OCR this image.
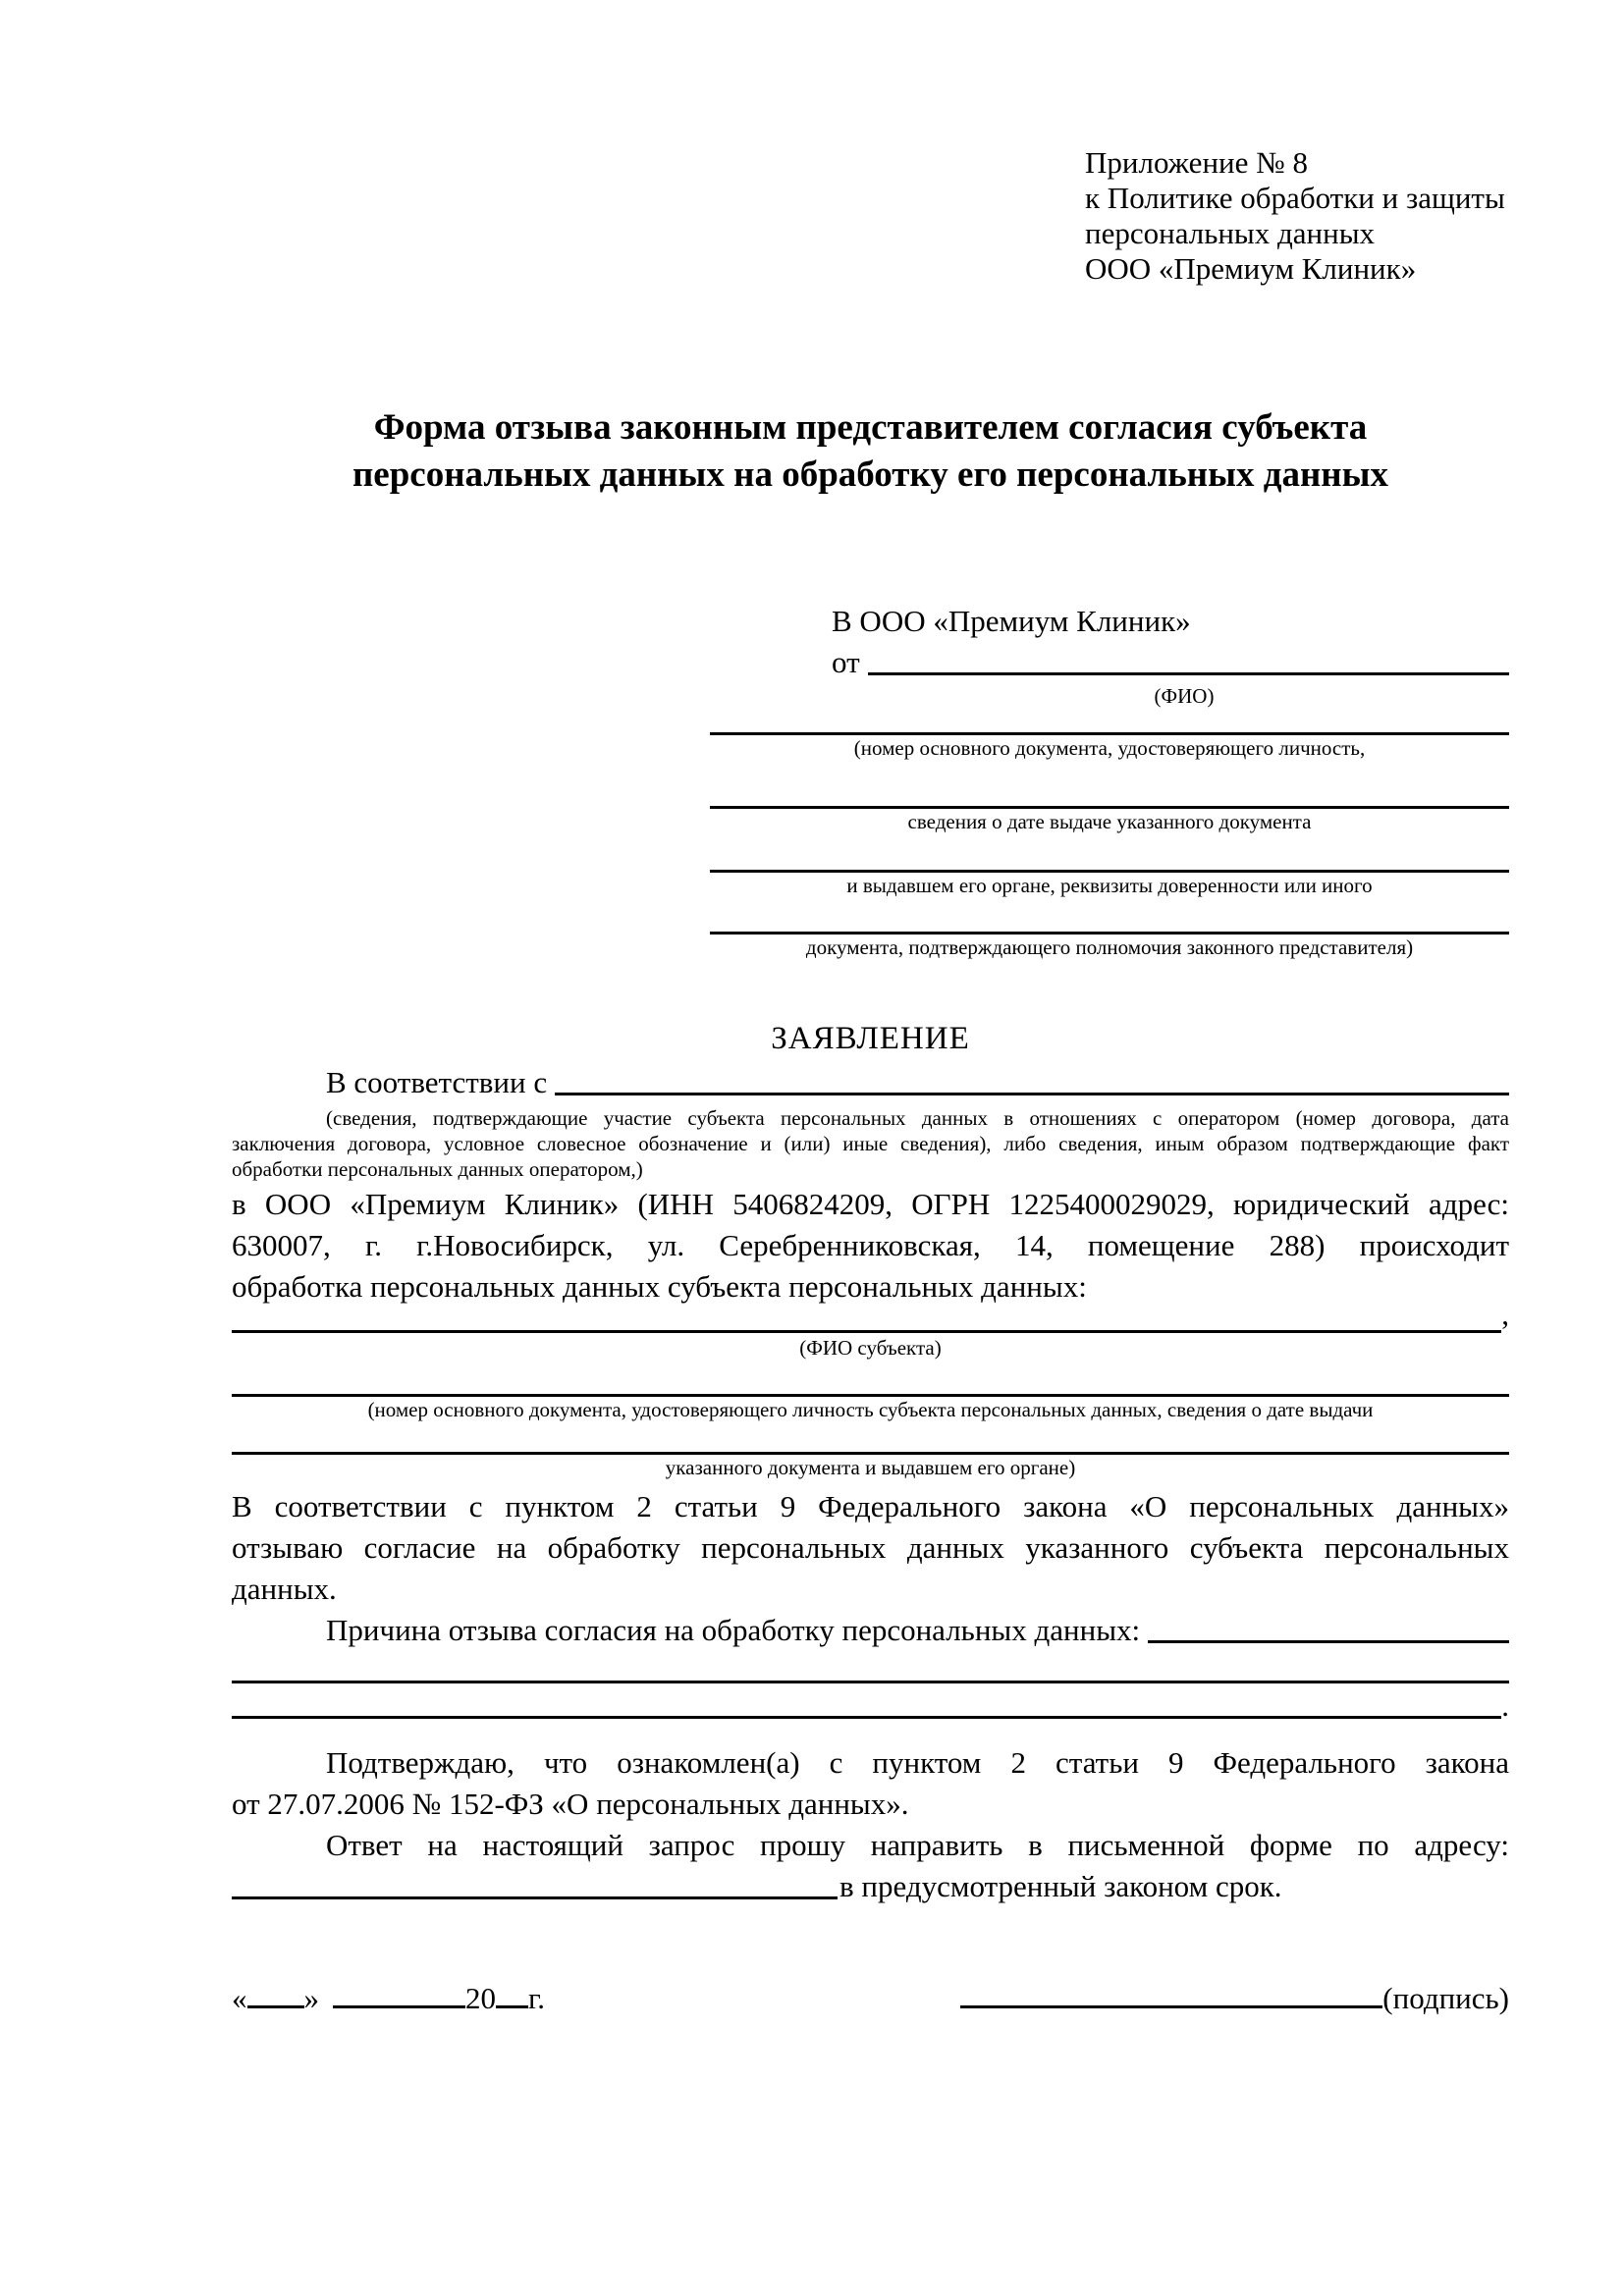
Приложение № 8
к Политике обработки и защиты
персональных данных
ООО «Премиум Клиник»
Форма отзыва законным представителем согласия субъекта
персональных данных на обработку его персональных данных
В ООО «Премиум Клиник»
от
(ФИО)
(номер основного документа, удостоверяющего личность,
сведения о дате выдаче указанного документа
и выдавшем его органе, реквизиты доверенности или иного
документа, подтверждающего полномочия законного представителя)
ЗАЯВЛЕНИЕ
В соответствии с
(сведения, подтверждающие участие субъекта персональных данных в отношениях с оператором (номер договора, дата
заключения договора, условное словесное обозначение и (или) иные сведения), либо сведения, иным образом подтверждающие факт
обработки персональных данных оператором,)
в ООО «Премиум Клиник» (ИНН 5406824209, ОГРН 1225400029029, юридический адрес:
630007, г. г.Новосибирск, ул. Серебренниковская, 14, помещение 288) происходит
обработка персональных данных субъекта персональных данных:
,
(ФИО субъекта)
(номер основного документа, удостоверяющего личность субъекта персональных данных, сведения о дате выдачи
указанного документа и выдавшем его органе)
В соответствии с пунктом 2 статьи 9 Федерального закона «О персональных данных»
отзываю согласие на обработку персональных данных указанного субъекта персональных
данных.
Причина отзыва согласия на обработку персональных данных:
.
Подтверждаю, что ознакомлен(а) с пунктом 2 статьи 9 Федерального закона
от 27.07.2006 № 152-ФЗ «О персональных данных».
Ответ на настоящий запрос прошу направить в письменной форме по адресу:
в предусмотренный законом срок.
« »	20 г.	(подпись)
